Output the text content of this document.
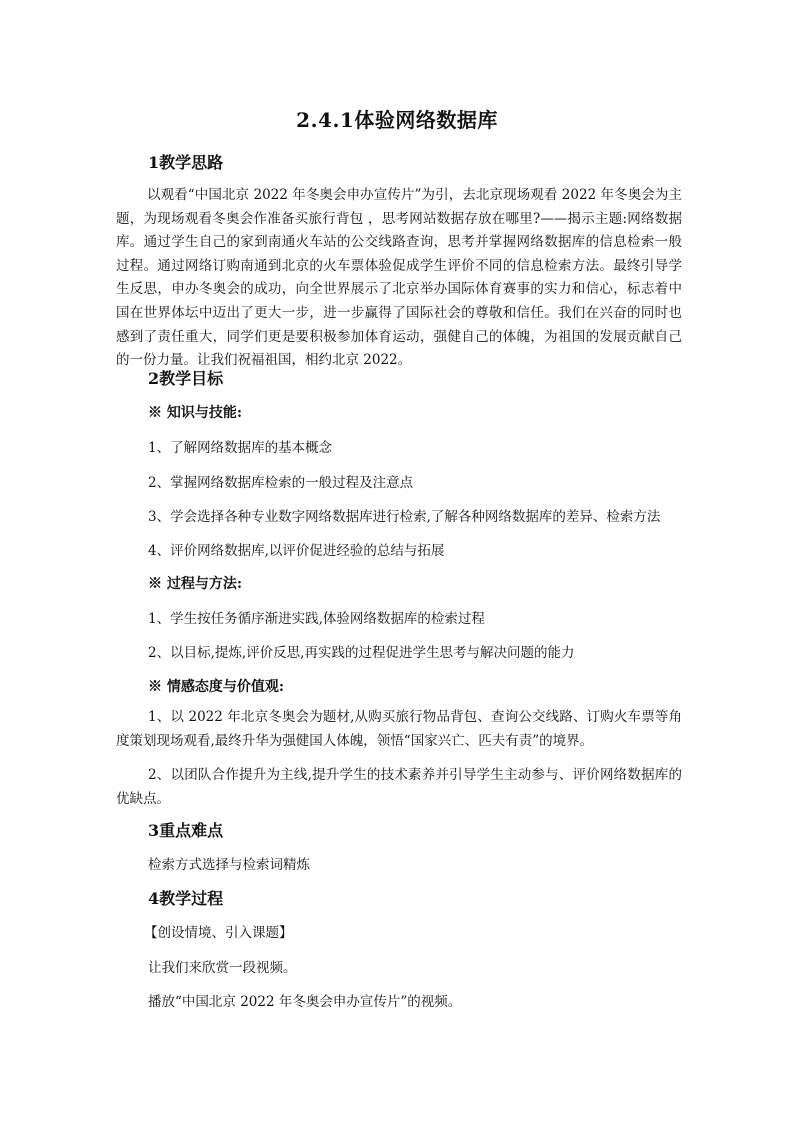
2.4.1体验网络数据库
1教学思路
以观看“中国北京 2022 年冬奥会申办宣传片”为引，去北京现场观看 2022 年冬奥会为主题，为现场观看冬奥会作准备买旅行背包 ，思考网站数据存放在哪里?——揭示主题:网络数据库。通过学生自己的家到南通火车站的公交线路查询，思考并掌握网络数据库的信息检索一般过程。通过网络订购南通到北京的火车票体验促成学生评价不同的信息检索方法。最终引导学生反思，申办冬奥会的成功，向全世界展示了北京举办国际体育赛事的实力和信心，标志着中国在世界体坛中迈出了更大一步，进一步赢得了国际社会的尊敬和信任。我们在兴奋的同时也感到了责任重大，同学们更是要积极参加体育运动，强健自己的体魄，为祖国的发展贡献自己的一份力量。让我们祝福祖国，相约北京 2022。
2教学目标
※ 知识与技能:
1、了解网络数据库的基本概念
2、掌握网络数据库检索的一般过程及注意点
3、学会选择各种专业数字网络数据库进行检索,了解各种网络数据库的差异、检索方法
4、评价网络数据库,以评价促进经验的总结与拓展
※ 过程与方法:
1、学生按任务循序渐进实践,体验网络数据库的检索过程
2、以目标,提炼,评价反思,再实践的过程促进学生思考与解决问题的能力
※ 情感态度与价值观:
1、以 2022 年北京冬奥会为题材,从购买旅行物品背包、查询公交线路、订购火车票等角度策划现场观看,最终升华为强健国人体魄，领悟“国家兴亡、匹夫有责”的境界。
2、以团队合作提升为主线,提升学生的技术素养并引导学生主动参与、评价网络数据库的优缺点。
3重点难点
检索方式选择与检索词精炼
4教学过程
【创设情境、引入课题】
让我们来欣赏一段视频。
播放“中国北京 2022 年冬奥会申办宣传片”的视频。
